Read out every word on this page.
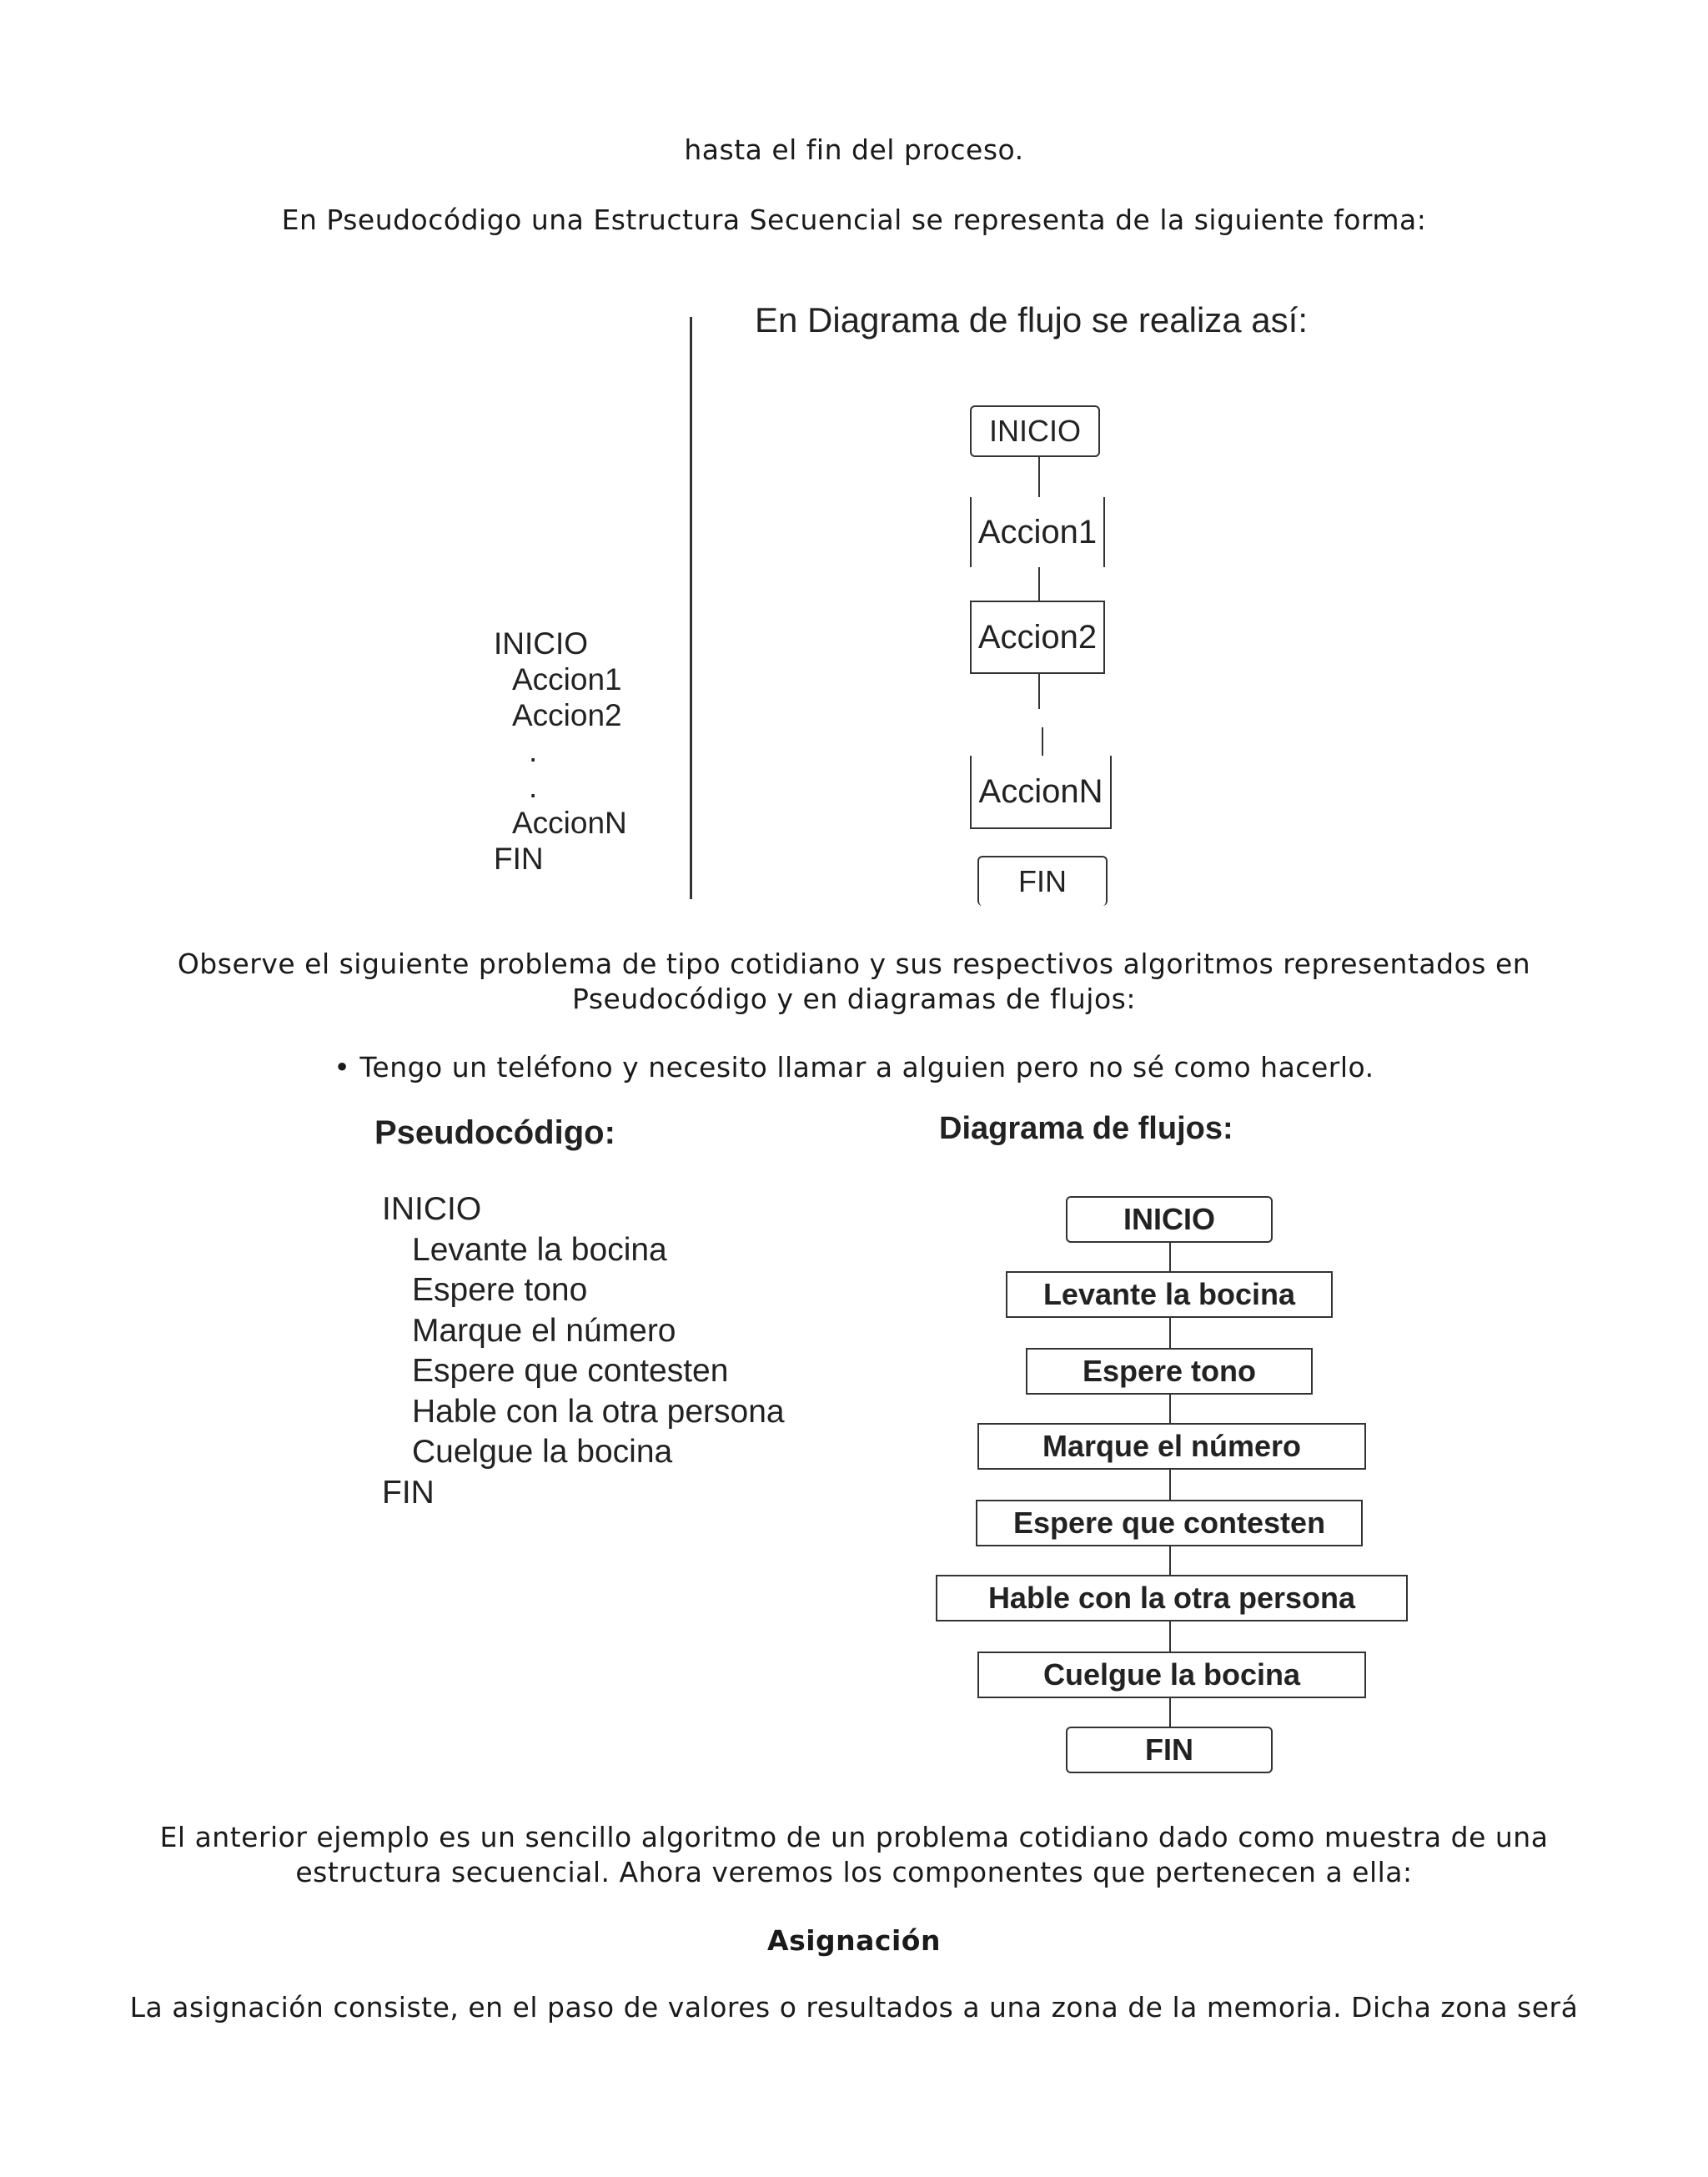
hasta el fin del proceso.
En Pseudocódigo una Estructura Secuencial se representa de la siguiente forma:
INICIO
Accion1
Accion2
.
.
AccionN
FIN
En Diagrama de flujo se realiza así:
INICIO
Accion1
Accion2
AccionN
FIN
Observe el siguiente problema de tipo cotidiano y sus respectivos algoritmos representados en
Pseudocódigo y en diagramas de flujos:
• Tengo un teléfono y necesito llamar a alguien pero no sé como hacerlo.
Pseudocódigo:	Diagrama de flujos:
INICIO
Levante la bocina
Espere tono
Marque el número
Espere que contesten
Hable con la otra persona
Cuelgue la bocina
FIN
INICIO
Levante la bocina
Espere tono
Marque el número
Espere que contesten
Hable con la otra persona
Cuelgue la bocina
FIN
El anterior ejemplo es un sencillo algoritmo de un problema cotidiano dado como muestra de una
estructura secuencial. Ahora veremos los componentes que pertenecen a ella:
Asignación
La asignación consiste, en el paso de valores o resultados a una zona de la memoria. Dicha zona será
